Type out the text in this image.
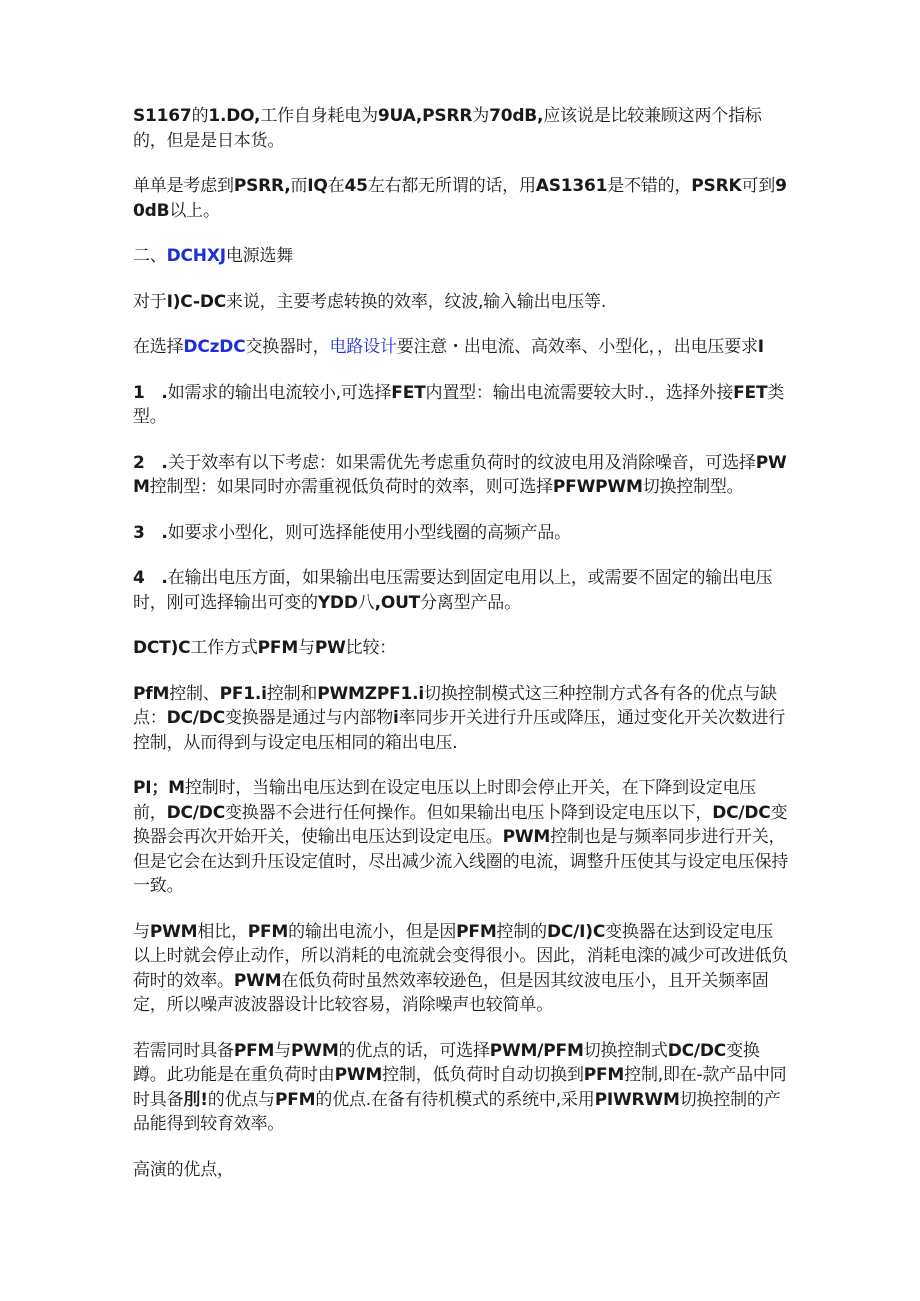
S1167的1.DO,工作自身耗电为9UA,PSRR为70dB,应该说是比较兼顾这两个指标的，但是是日本货。

单单是考虑到PSRR,而IQ在45左右都无所谓的话，用AS1361是不错的，PSRK可到90dB以上。

二、DCHXJ电源选舞

对于I)C-DC来说，主要考虑转换的效率，纹波,输入输出电压等.

在选择DCzDC交换器时，电路设计要注意・出电流、高效率、小型化，，出电压要求I

1　.如需求的输出电流较小,可选择FET内置型：输出电流需要较大时.，选择外接FET类型。

2　.关于效率有以下考虑：如果需优先考虑重负荷时的纹波电用及消除噪音，可选择PWM控制型：如果同时亦需重视低负荷时的效率，则可选择PFWPWM切换控制型。

3　.如要求小型化，则可选择能使用小型线圈的高频产品。

4　.在输出电压方面，如果输出电压需要达到固定电用以上，或需要不固定的输出电压时，刚可选择输出可变的YDD八,OUT分离型产品。

DCT)C工作方式PFM与PW比较：

PfM控制、PF1.i控制和PWMZPF1.i切换控制模式这三种控制方式各有各的优点与缺点：DC/DC变换器是通过与内部物i率同步开关进行升压或降压，通过变化开关次数进行控制，从而得到与设定电压相同的箱出电压.

PI；M控制时，当输出电压达到在设定电压以上时即会停止开关，在下降到设定电压前，DC/DC变换器不会进行任何操作。但如果输出电压卜降到设定电压以下，DC/DC变换器会再次开始开关，使输出电压达到设定电压。PWM控制也是与频率同步进行开关，但是它会在达到升压设定值时，尽出减少流入线圈的电流，调整升压使其与设定电压保持一致。

与PWM相比，PFM的输出电流小，但是因PFM控制的DC/I)C变换器在达到设定电压以上时就会停止动作，所以消耗的电流就会变得很小。因此，消耗电滦的减少可改进低负荷时的效率。PWM在低负荷时虽然效率较逊色，但是因其纹波电压小，且开关频率固定，所以噪声波波器设计比较容易，消除噪声也较简单。

若需同时具备PFM与PWM的优点的话，可选择PWM/PFM切换控制式DC/DC变换蹲。此功能是在重负荷时由PWM控制，低负荷时自动切换到PFM控制,即在-款产品中同时具备刖!的优点与PFM的优点.在备有待机模式的系统中,采用PIWRWM切换控制的产品能得到较育效率。

高演的优点，
